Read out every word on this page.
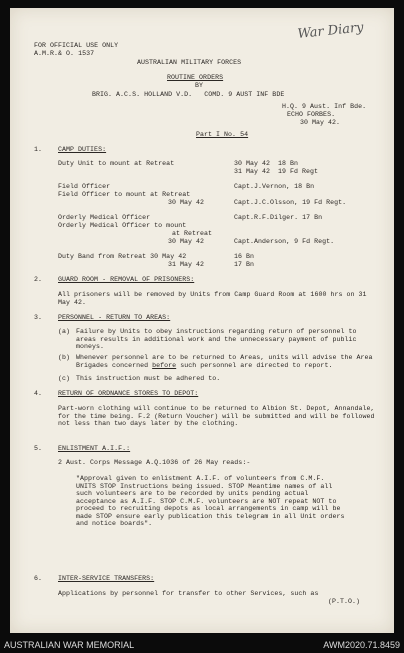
War Diary
FOR OFFICIAL USE ONLY
A.M.R.& O. 1537
AUSTRALIAN MILITARY FORCES
ROUTINE ORDERS
BY
BRIG. A.C.S. HOLLAND V.D.   COMD. 9 AUST INF BDE
H.Q. 9 Aust. Inf Bde.
ECHO FORBES.
30 May 42.
Part I No. 54
1. CAMP DUTIES:
Duty Unit to mount at Retreat	30 May 42 18 Bn
31 May 42 19 Fd Regt
Field Officer	Capt.J.Vernon, 18 Bn
Field Officer to mount at Retreat
30 May 42	Capt.J.C.Olsson, 19 Fd Regt.
Orderly Medical Officer	Capt.R.F.Dilger. 17 Bn
Orderly Medical Officer to mount
at Retreat
30 May 42	Capt.Anderson, 9 Fd Regt.
Duty Band from Retreat 30 May 42	16 Bn
31 May 42	17 Bn
2. GUARD ROOM - REMOVAL OF PRISONERS:
All prisoners will be removed by Units from Camp Guard Room at 1600 hrs on 31 May 42.
3. PERSONNEL - RETURN TO AREAS:
(a) Failure by Units to obey instructions regarding return of personnel to areas results in additional work and the unnecessary payment of public moneys.
(b) Whenever personnel are to be returned to Areas, units will advise the Area Brigades concerned before such personnel are directed to report.
(c) This instruction must be adhered to.
4. RETURN OF ORDNANCE STORES TO DEPOT:
Part-worn clothing will continue to be returned to Albion St. Depot, Annandale, for the time being. F.2 (Return Voucher) will be submitted and will be followed not less than two days later by the clothing.
5. ENLISTMENT A.I.F.:
2 Aust. Corps Message A.Q.1036 of 26 May reads:-
"Approval given to enlistment A.I.F. of volunteers from C.M.F. UNITS STOP Instructions being issued. STOP Meantime names of all such volunteers are to be recorded by units pending actual acceptance as A.I.F. STOP C.M.F. volunteers are NOT repeat NOT to proceed to recruiting depots as local arrangements in camp will be made STOP ensure early publication this telegram in all Unit orders and notice boards".
6. INTER-SERVICE TRANSFERS:
Applications by personnel for transfer to other Services, such as
(P.T.O.)
AUSTRALIAN WAR MEMORIAL	AWM2020.71.8459
